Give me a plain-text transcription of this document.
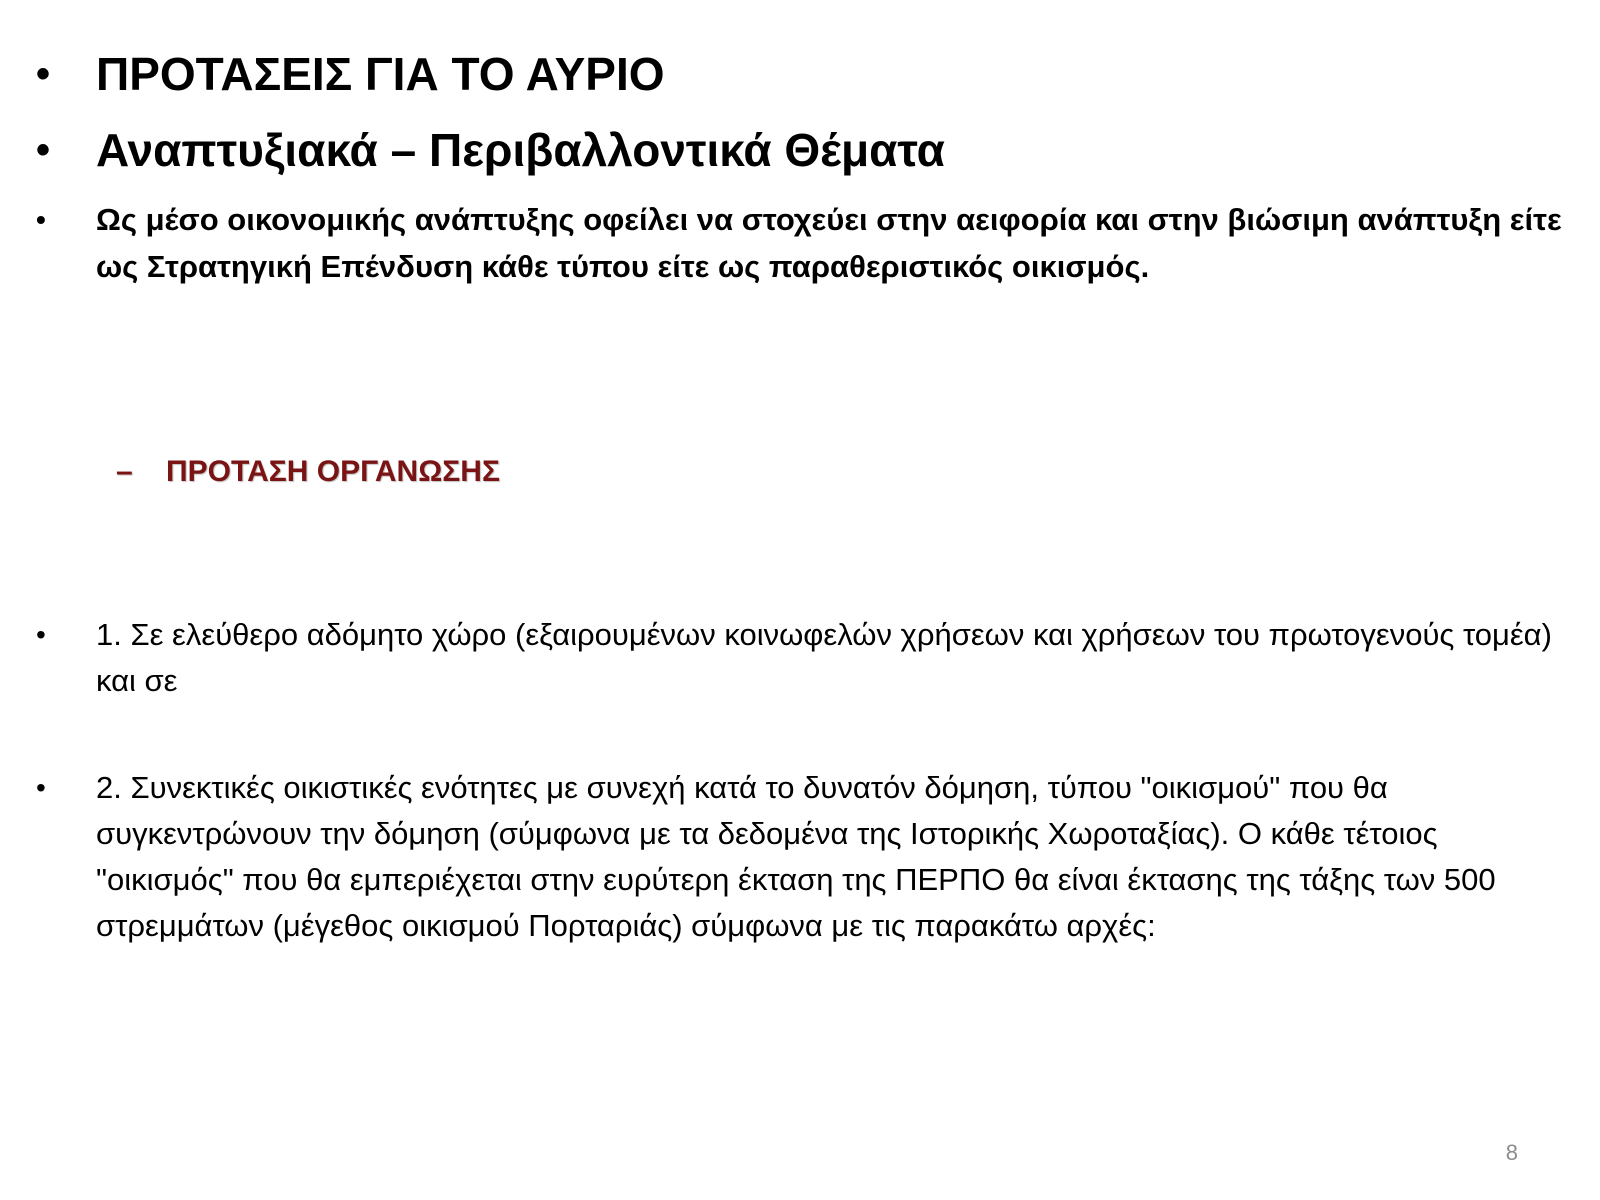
• ΠΡΟΤΑΣΕΙΣ ΓΙΑ ΤΟ ΑΥΡΙΟ
• Αναπτυξιακά – Περιβαλλοντικά Θέματα
•	Ως μέσο οικονομικής ανάπτυξης οφείλει να στοχεύει στην αειφορία και στην βιώσιμη ανάπτυξη είτε ως Στρατηγική Επένδυση κάθε τύπου είτε ως παραθεριστικός οικισμός.
–	ΠΡΟΤΑΣΗ ΟΡΓΑΝΩΣΗΣ
•	1. Σε ελεύθερο αδόμητο χώρο (εξαιρουμένων κοινωφελών χρήσεων και χρήσεων του πρωτογενούς τομέα) και σε
•	2. Συνεκτικές οικιστικές ενότητες με συνεχή κατά το δυνατόν δόμηση, τύπου "οικισμού" που θα συγκεντρώνουν την δόμηση (σύμφωνα με τα δεδομένα της Ιστορικής Χωροταξίας). Ο κάθε τέτοιος "οικισμός" που θα εμπεριέχεται στην ευρύτερη έκταση της ΠΕΡΠΟ θα είναι έκτασης της τάξης των 500 στρεμμάτων (μέγεθος οικισμού Πορταριάς) σύμφωνα με τις παρακάτω αρχές:
8
